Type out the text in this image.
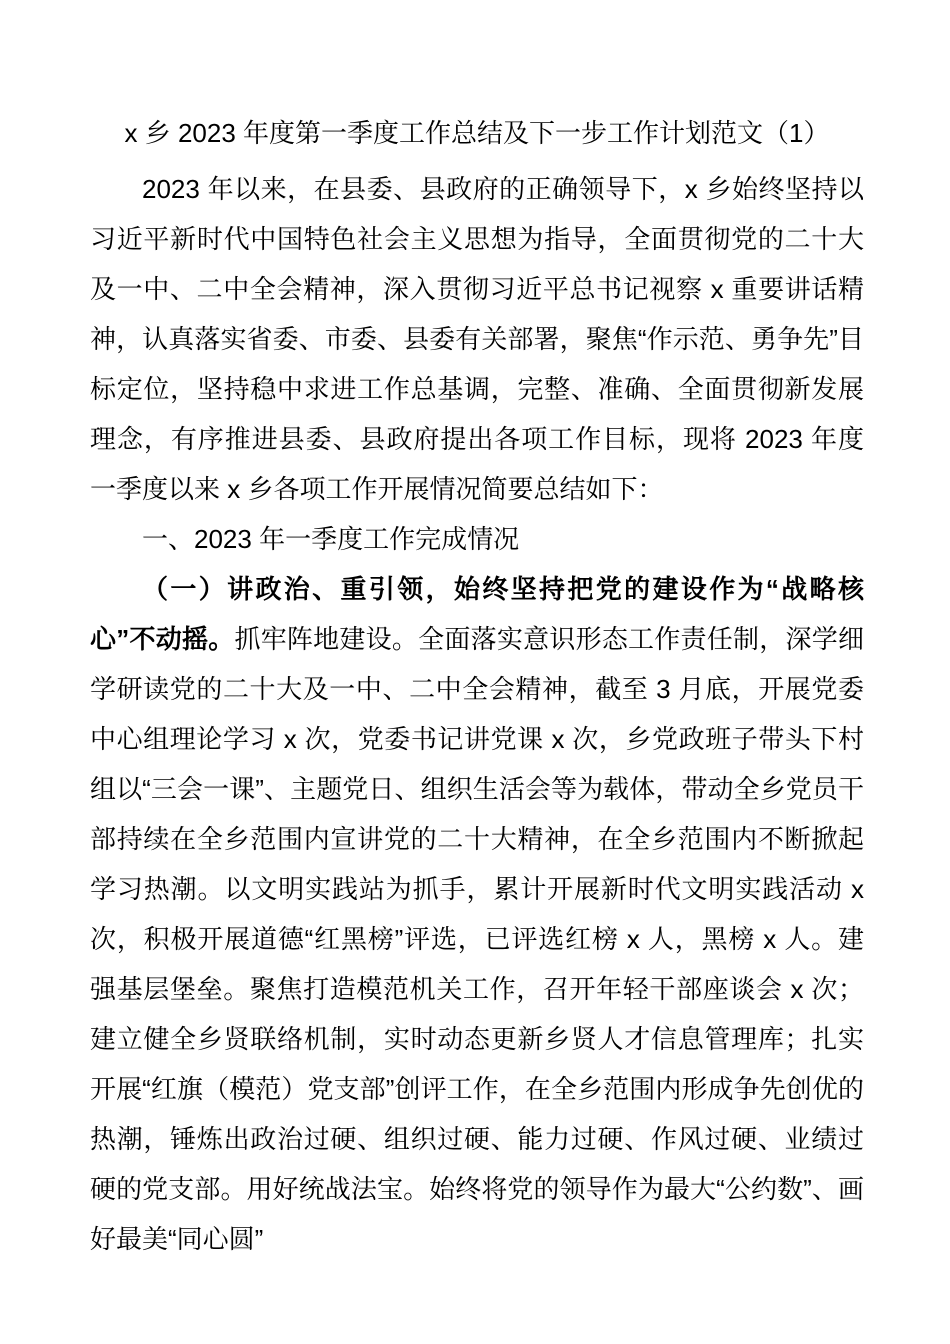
x 乡 2023 年度第一季度工作总结及下一步工作计划范文（1）

2023 年以来，在县委、县政府的正确领导下，x 乡始终坚持以习近平新时代中国特色社会主义思想为指导，全面贯彻党的二十大及一中、二中全会精神，深入贯彻习近平总书记视察 x 重要讲话精神，认真落实省委、市委、县委有关部署，聚焦“作示范、勇争先”目标定位，坚持稳中求进工作总基调，完整、准确、全面贯彻新发展理念，有序推进县委、县政府提出各项工作目标，现将 2023 年度一季度以来 x 乡各项工作开展情况简要总结如下：

一、2023 年一季度工作完成情况

（一）讲政治、重引领，始终坚持把党的建设作为“战略核心”不动摇。抓牢阵地建设。全面落实意识形态工作责任制，深学细学研读党的二十大及一中、二中全会精神，截至 3 月底，开展党委中心组理论学习 x 次，党委书记讲党课 x 次，乡党政班子带头下村组以“三会一课”、主题党日、组织生活会等为载体，带动全乡党员干部持续在全乡范围内宣讲党的二十大精神，在全乡范围内不断掀起学习热潮。以文明实践站为抓手，累计开展新时代文明实践活动 x 次，积极开展道德“红黑榜”评选，已评选红榜 x 人，黑榜 x 人。建强基层堡垒。聚焦打造模范机关工作，召开年轻干部座谈会 x 次；建立健全乡贤联络机制，实时动态更新乡贤人才信息管理库；扎实开展“红旗（模范）党支部”创评工作，在全乡范围内形成争先创优的热潮，锤炼出政治过硬、组织过硬、能力过硬、作风过硬、业绩过硬的党支部。用好统战法宝。始终将党的领导作为最大“公约数”、画好最美“同心圆”
